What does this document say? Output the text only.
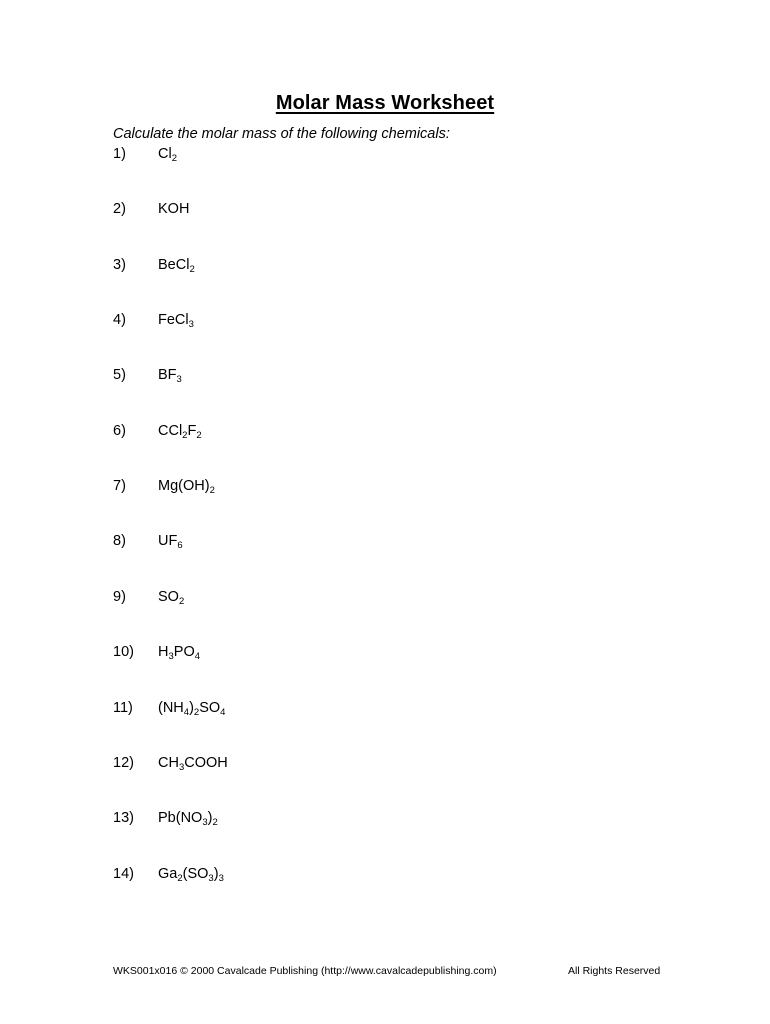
Molar Mass Worksheet
Calculate the molar mass of the following chemicals:
1) $Cl_2$
2) KOH
3) BeCl$_2$
4) FeCl$_3$
5) $BF_3$
6) $CCl_2F_2$
7) $Mg(OH)_2$
8) $UF_6$
9) $SO_2$
10) $H_3PO_4$
11) $(NH_4)_2SO_4$
12) $CH_3COOH$
13) $Pb(NO_3)_2$
14) $Ga_2(SO_3)_3$
WKS001x016 © 2000 Cavalcade Publishing (http://www.cavalcadepublishing.com)	All Rights Reserved
